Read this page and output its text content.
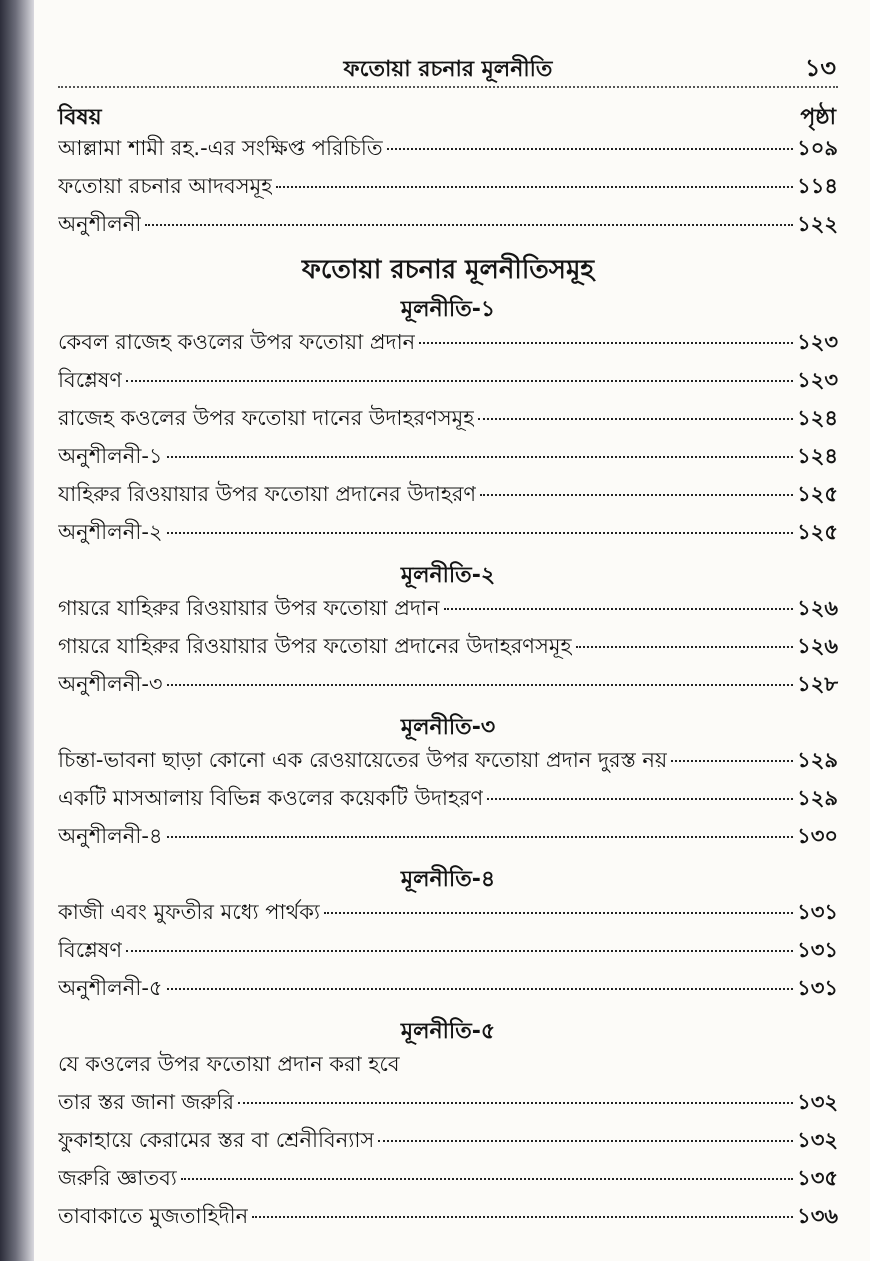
ফতোয়া রচনার মূলনীতি	১৩
বিষয়	পৃষ্ঠা
আল্লামা শামী রহ.-এর সংক্ষিপ্ত পরিচিতি	১০৯
ফতোয়া রচনার আদবসমূহ	১১৪
অনুশীলনী	১২২
ফতোয়া রচনার মূলনীতিসমূহ
মূলনীতি-১
কেবল রাজেহ কওলের উপর ফতোয়া প্রদান	১২৩
বিশ্লেষণ	১২৩
রাজেহ কওলের উপর ফতোয়া দানের উদাহরণসমূহ	১২৪
অনুশীলনী-১	১২৪
যাহিরুর রিওয়ায়ার উপর ফতোয়া প্রদানের উদাহরণ	১২৫
অনুশীলনী-২	১২৫
মূলনীতি-২
গায়রে যাহিরুর রিওয়ায়ার উপর ফতোয়া প্রদান	১২৬
গায়রে যাহিরুর রিওয়ায়ার উপর ফতোয়া প্রদানের উদাহরণসমূহ	১২৬
অনুশীলনী-৩	১২৮
মূলনীতি-৩
চিন্তা-ভাবনা ছাড়া কোনো এক রেওয়ায়েতের উপর ফতোয়া প্রদান দুরস্ত নয়	১২৯
একটি মাসআলায় বিভিন্ন কওলের কয়েকটি উদাহরণ	১২৯
অনুশীলনী-৪	১৩০
মূলনীতি-৪
কাজী এবং মুফতীর মধ্যে পার্থক্য	১৩১
বিশ্লেষণ	১৩১
অনুশীলনী-৫	১৩১
মূলনীতি-৫
যে কওলের উপর ফতোয়া প্রদান করা হবে
তার স্তর জানা জরুরি	১৩২
ফুকাহায়ে কেরামের স্তর বা শ্রেনীবিন্যাস	১৩২
জরুরি জ্ঞাতব্য	১৩৫
তাবাকাতে মুজতাহিদীন	১৩৬
